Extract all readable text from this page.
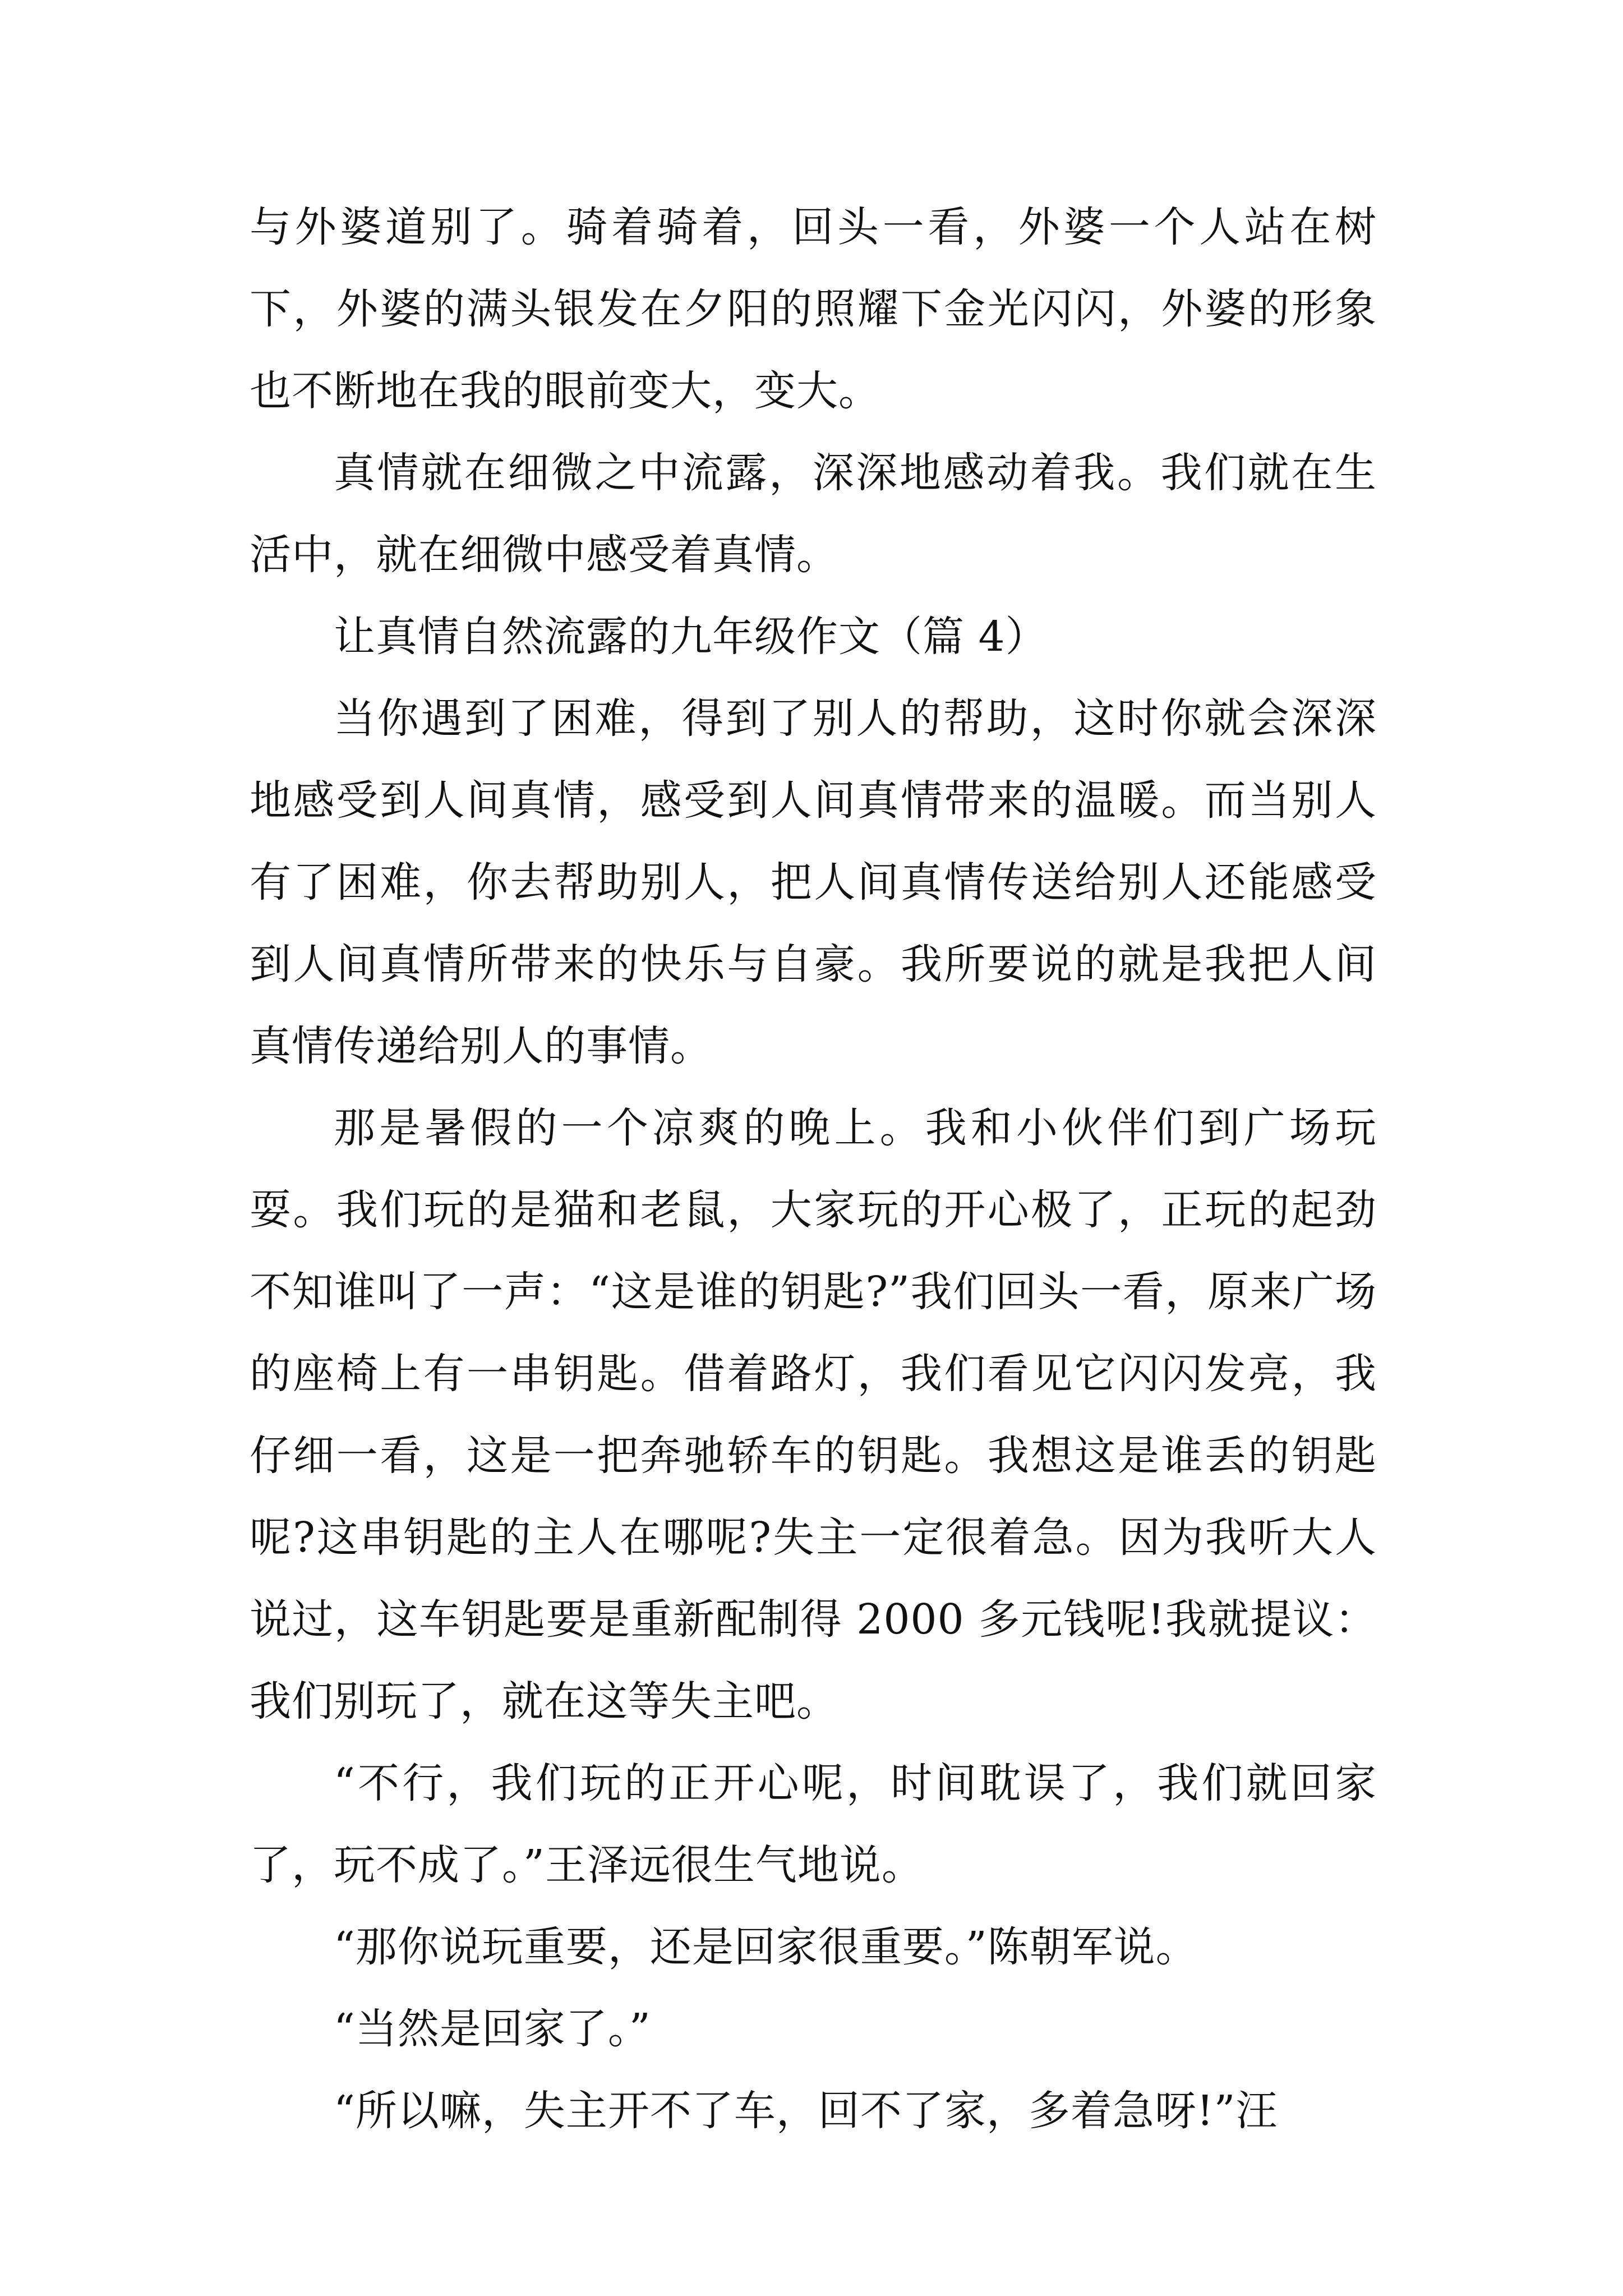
与外婆道别了。骑着骑着，回头一看，外婆一个人站在树下，外婆的满头银发在夕阳的照耀下金光闪闪，外婆的形象也不断地在我的眼前变大，变大。

真情就在细微之中流露，深深地感动着我。我们就在生活中，就在细微中感受着真情。

让真情自然流露的九年级作文（篇 4）

当你遇到了困难，得到了别人的帮助，这时你就会深深地感受到人间真情，感受到人间真情带来的温暖。而当别人有了困难，你去帮助别人，把人间真情传送给别人还能感受到人间真情所带来的快乐与自豪。我所要说的就是我把人间真情传递给别人的事情。

那是暑假的一个凉爽的晚上。我和小伙伴们到广场玩耍。我们玩的是猫和老鼠，大家玩的开心极了，正玩的起劲不知谁叫了一声：“这是谁的钥匙?”我们回头一看，原来广场的座椅上有一串钥匙。借着路灯，我们看见它闪闪发亮，我仔细一看，这是一把奔驰轿车的钥匙。我想这是谁丢的钥匙呢?这串钥匙的主人在哪呢?失主一定很着急。因为我听大人说过，这车钥匙要是重新配制得 2000 多元钱呢!我就提议：我们别玩了，就在这等失主吧。

“不行，我们玩的正开心呢，时间耽误了，我们就回家了，玩不成了。”王泽远很生气地说。

“那你说玩重要，还是回家很重要。”陈朝军说。

“当然是回家了。”

“所以嘛，失主开不了车，回不了家，多着急呀!”汪
